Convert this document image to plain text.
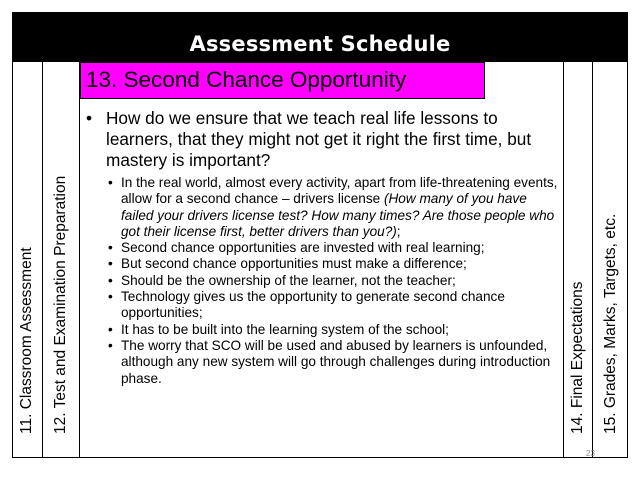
Assessment Schedule
11. Classroom Assessment 12. Test and Examination Preparation	14. Final Expectations 15. Grades, Marks, Targets, etc.
13. Second Chance Opportunity
• How do we ensure that we teach real life lessons to learners, that they might not get it right the first time, but mastery is important?
• In the real world, almost every activity, apart from life-threatening events, allow for a second chance – drivers license (How many of you have failed your drivers license test? How many times? Are those people who got their license first, better drivers than you?);
• Second chance opportunities are invested with real learning;
• But second chance opportunities must make a difference;
• Should be the ownership of the learner, not the teacher;
• Technology gives us the opportunity to generate second chance opportunities;
• It has to be built into the learning system of the school;
• The worry that SCO will be used and abused by learners is unfounded, although any new system will go through challenges during introduction phase.
23
